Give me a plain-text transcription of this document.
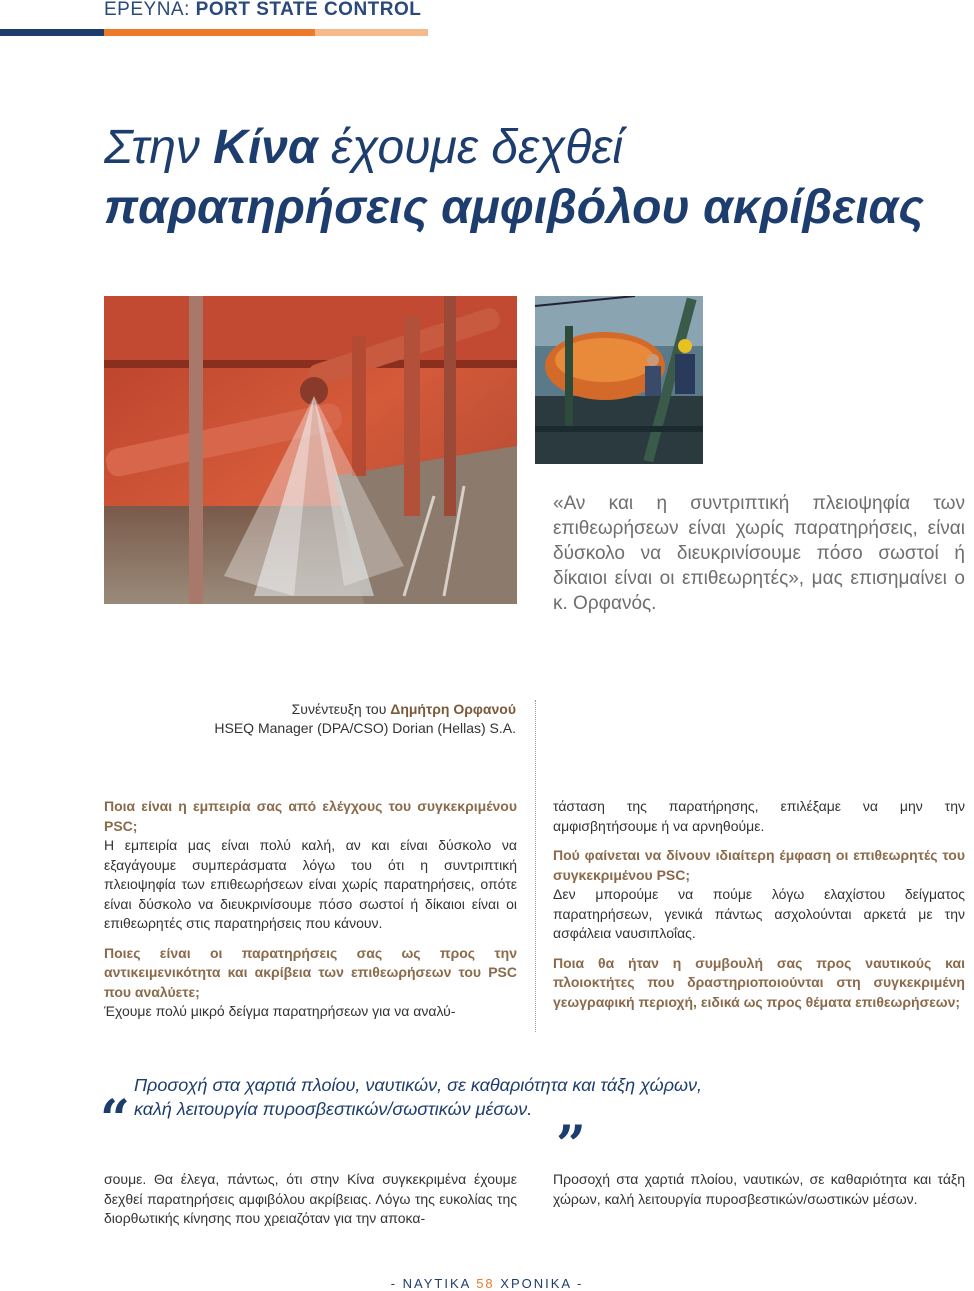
ΕΡΕΥΝΑ: PORT STATE CONTROL
Στην Κίνα έχουμε δεχθεί
παρατηρήσεις αμφιβόλου ακρίβειας
«Αν και η συντριπτική πλειοψηφία των επιθεωρήσεων είναι χωρίς παρατηρήσεις, είναι δύσκολο να διευκρινίσουμε πόσο σωστοί ή δίκαιοι είναι οι επιθεωρητές», μας επισημαίνει ο κ. Ορφανός.
Συνέντευξη του Δημήτρη Ορφανού
HSEQ Manager (DPA/CSO) Dorian (Hellas) S.A.
Ποια είναι η εμπειρία σας από ελέγχους του συγκεκριμένου PSC;

Η εμπειρία μας είναι πολύ καλή, αν και είναι δύσκολο να εξαγάγουμε συμπεράσματα λόγω του ότι η συντριπτική πλειοψηφία των επιθεωρήσεων είναι χωρίς παρατηρήσεις, οπότε είναι δύσκολο να διευκρινίσουμε πόσο σωστοί ή δίκαιοι είναι οι επιθεωρητές στις παρατηρήσεις που κάνουν.

Ποιες είναι οι παρατηρήσεις σας ως προς την αντικειμενικότητα και ακρίβεια των επιθεωρήσεων του PSC που αναλύετε;

Έχουμε πολύ μικρό δείγμα παρατηρήσεων για να αναλύ-

τάσταση της παρατήρησης, επιλέξαμε να μην την αμφισβητήσουμε ή να αρνηθούμε.

Πού φαίνεται να δίνουν ιδιαίτερη έμφαση οι επιθεωρητές του συγκεκριμένου PSC;

Δεν μπορούμε να πούμε λόγω ελαχίστου δείγματος παρατηρήσεων, γενικά πάντως ασχολούνται αρκετά με την ασφάλεια ναυσιπλοΐας.

Ποια θα ήταν η συμβουλή σας προς ναυτικούς και πλοιοκτήτες που δραστηριοποιούνται στη συγκεκριμένη γεωγραφική περιοχή, ειδικά ως προς θέματα επιθεωρήσεων;
“
Προσοχή στα χαρτιά πλοίου, ναυτικών, σε καθαριότητα και τάξη χώρων,
καλή λειτουργία πυροσβεστικών/σωστικών μέσων.
”
σουμε. Θα έλεγα, πάντως, ότι στην Κίνα συγκεκριμένα έχουμε δεχθεί παρατηρήσεις αμφιβόλου ακρίβειας. Λόγω της ευκολίας της διορθωτικής κίνησης που χρειαζόταν για την αποκα-
Προσοχή στα χαρτιά πλοίου, ναυτικών, σε καθαριότητα και τάξη χώρων, καλή λειτουργία πυροσβεστικών/σωστικών μέσων.
- ΝΑΥΤΙΚΑ 58 ΧΡΟΝΙΚΑ -
